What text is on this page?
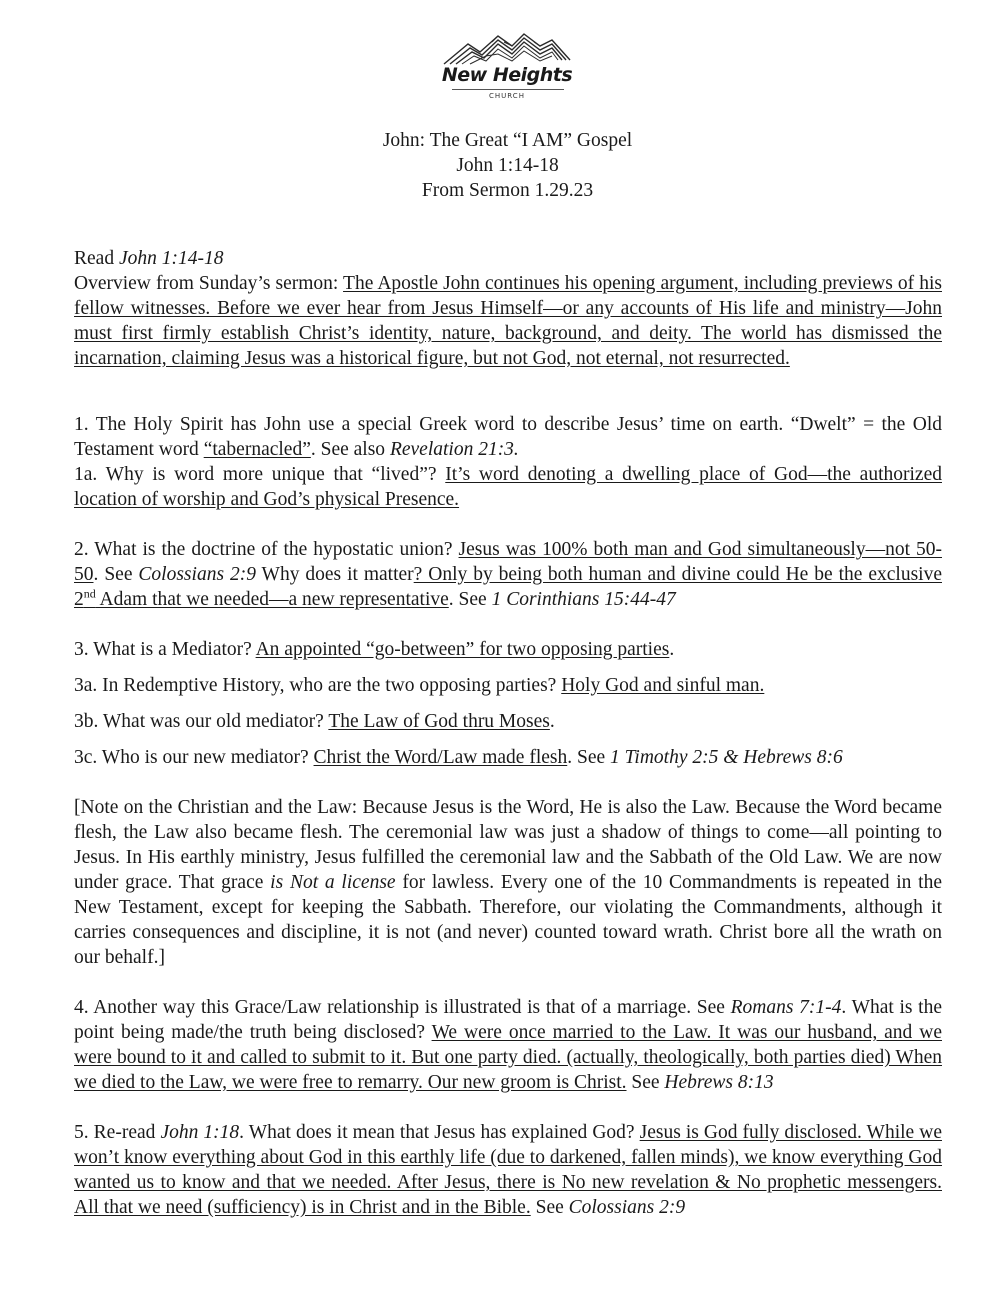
New Heights
CHURCH
John: The Great “I AM” Gospel
John 1:14-18
From Sermon 1.29.23

Read John 1:14-18

Overview from Sunday’s sermon: The Apostle John continues his opening argument, including previews of his fellow witnesses. Before we ever hear from Jesus Himself—or any accounts of His life and ministry—John must first firmly establish Christ’s identity, nature, background, and deity. The world has dismissed the incarnation, claiming Jesus was a historical figure, but not God, not eternal, not resurrected.

1. The Holy Spirit has John use a special Greek word to describe Jesus’ time on earth. “Dwelt” = the Old Testament word “tabernacled”. See also Revelation 21:3.

1a. Why is word more unique that “lived”? It’s word denoting a dwelling place of God—the authorized location of worship and God’s physical Presence.

2. What is the doctrine of the hypostatic union? Jesus was 100% both man and God simultaneously—not 50-50. See Colossians 2:9 Why does it matter? Only by being both human and divine could He be the exclusive 2nd Adam that we needed—a new representative. See 1 Corinthians 15:44-47

3. What is a Mediator? An appointed “go-between” for two opposing parties.

3a. In Redemptive History, who are the two opposing parties? Holy God and sinful man.

3b. What was our old mediator? The Law of God thru Moses.

3c. Who is our new mediator? Christ the Word/Law made flesh. See 1 Timothy 2:5 & Hebrews 8:6

[Note on the Christian and the Law: Because Jesus is the Word, He is also the Law. Because the Word became flesh, the Law also became flesh. The ceremonial law was just a shadow of things to come—all pointing to Jesus. In His earthly ministry, Jesus fulfilled the ceremonial law and the Sabbath of the Old Law. We are now under grace. That grace is Not a license for lawless. Every one of the 10 Commandments is repeated in the New Testament, except for keeping the Sabbath. Therefore, our violating the Commandments, although it carries consequences and discipline, it is not (and never) counted toward wrath. Christ bore all the wrath on our behalf.]

4. Another way this Grace/Law relationship is illustrated is that of a marriage. See Romans 7:1-4. What is the point being made/the truth being disclosed? We were once married to the Law. It was our husband, and we were bound to it and called to submit to it. But one party died. (actually, theologically, both parties died) When we died to the Law, we were free to remarry. Our new groom is Christ. See Hebrews 8:13

5. Re-read John 1:18. What does it mean that Jesus has explained God? Jesus is God fully disclosed. While we won’t know everything about God in this earthly life (due to darkened, fallen minds), we know everything God wanted us to know and that we needed. After Jesus, there is No new revelation & No prophetic messengers. All that we need (sufficiency) is in Christ and in the Bible. See Colossians 2:9
